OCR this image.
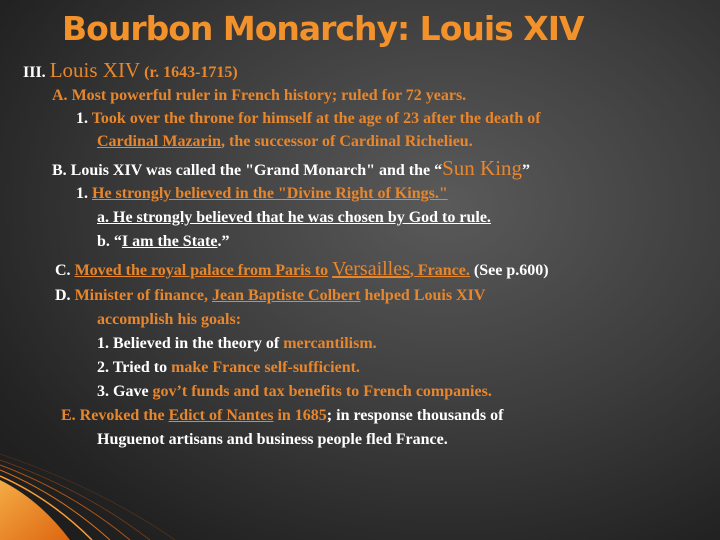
Bourbon Monarchy: Louis XIV
III. Louis XIV (r. 1643-1715)
A. Most powerful ruler in French history; ruled for 72 years.
1. Took over the throne for himself at the age of 23 after the death of
Cardinal Mazarin, the successor of Cardinal Richelieu.
B. Louis XIV was called the "Grand Monarch" and the “Sun King”
1. He strongly believed in the "Divine Right of Kings."
a. He strongly believed that he was chosen by God to rule.
b. “I am the State.”
C. Moved the royal palace from Paris to Versailles, France. (See p.600)
D. Minister of finance, Jean Baptiste Colbert helped Louis XIV
accomplish his goals:
1. Believed in the theory of mercantilism.
2. Tried to make France self-sufficient.
3. Gave gov’t funds and tax benefits to French companies.
E. Revoked the Edict of Nantes in 1685; in response thousands of
Huguenot artisans and business people fled France.
